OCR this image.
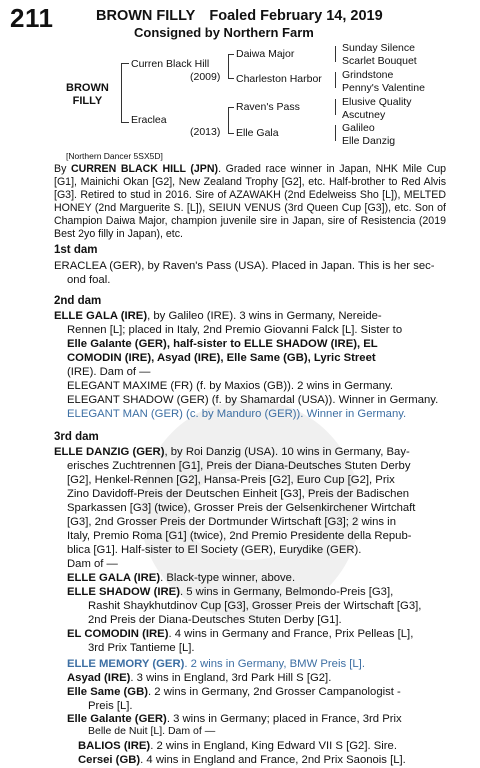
211	BROWN FILLY Foaled February 14, 2019
Consigned by Northern Farm
BROWN
FILLY
Curren Black Hill
(2009)
Eraclea
(2013)
Daiwa Major
Charleston Harbor
Raven's Pass
Elle Gala
Sunday Silence
Scarlet Bouquet
Grindstone
Penny's Valentine
Elusive Quality
Ascutney
Galileo
Elle Danzig
[Northern Dancer 5SX5D]
By CURREN BLACK HILL (JPN). Graded race winner in Japan, NHK Mile Cup [G1], Mainichi Okan [G2], New Zealand Trophy [G2], etc. Half-brother to Red Alvis [G3]. Retired to stud in 2016. Sire of AZAWAKH (2nd Edelweiss Sho [L]), MELTED HONEY (2nd Marguerite S. [L]), SEIUN VENUS (3rd Queen Cup [G3]), etc. Son of Champion Daiwa Major, champion juvenile sire in Japan, sire of Resistencia (2019 Best 2yo filly in Japan), etc.
1st dam
ERACLEA (GER), by Raven's Pass (USA). Placed in Japan. This is her sec-
ond foal.
2nd dam
ELLE GALA (IRE), by Galileo (IRE). 3 wins in Germany, Nereide-
Rennen [L]; placed in Italy, 2nd Premio Giovanni Falck [L]. Sister to
Elle Galante (GER), half-sister to ELLE SHADOW (IRE), EL
COMODIN (IRE), Asyad (IRE), Elle Same (GB), Lyric Street
(IRE). Dam of —
ELEGANT MAXIME (FR) (f. by Maxios (GB)). 2 wins in Germany.
ELEGANT SHADOW (GER) (f. by Shamardal (USA)). Winner in Germany.
ELEGANT MAN (GER) (c. by Manduro (GER)). Winner in Germany.
3rd dam
ELLE DANZIG (GER), by Roi Danzig (USA). 10 wins in Germany, Bay-
erisches Zuchtrennen [G1], Preis der Diana-Deutsches Stuten Derby
[G2], Henkel-Rennen [G2], Hansa-Preis [G2], Euro Cup [G2], Prix
Zino Davidoff-Preis der Deutschen Einheit [G3], Preis der Badischen
Sparkassen [G3] (twice), Grosser Preis der Gelsenkirchener Wirtchaft
[G3], 2nd Grosser Preis der Dortmunder Wirtschaft [G3]; 2 wins in
Italy, Premio Roma [G1] (twice), 2nd Premio Presidente della Repub-
blica [G1]. Half-sister to El Society (GER), Eurydike (GER).
Dam of —
ELLE GALA (IRE). Black-type winner, above.
ELLE SHADOW (IRE). 5 wins in Germany, Belmondo-Preis [G3],
Rashit Shaykhutdinov Cup [G3], Grosser Preis der Wirtschaft [G3],
2nd Preis der Diana-Deutsches Stuten Derby [G1].
EL COMODIN (IRE). 4 wins in Germany and France, Prix Pelleas [L],
3rd Prix Tantieme [L].
ELLE MEMORY (GER). 2 wins in Germany, BMW Preis [L].
Asyad (IRE). 3 wins in England, 3rd Park Hill S [G2].
Elle Same (GB). 2 wins in Germany, 2nd Grosser Campanologist -
Preis [L].
Elle Galante (GER). 3 wins in Germany; placed in France, 3rd Prix
Belle de Nuit [L]. Dam of —
BALIOS (IRE). 2 wins in England, King Edward VII S [G2]. Sire.
Cersei (GB). 4 wins in England and France, 2nd Prix Saonois [L].
